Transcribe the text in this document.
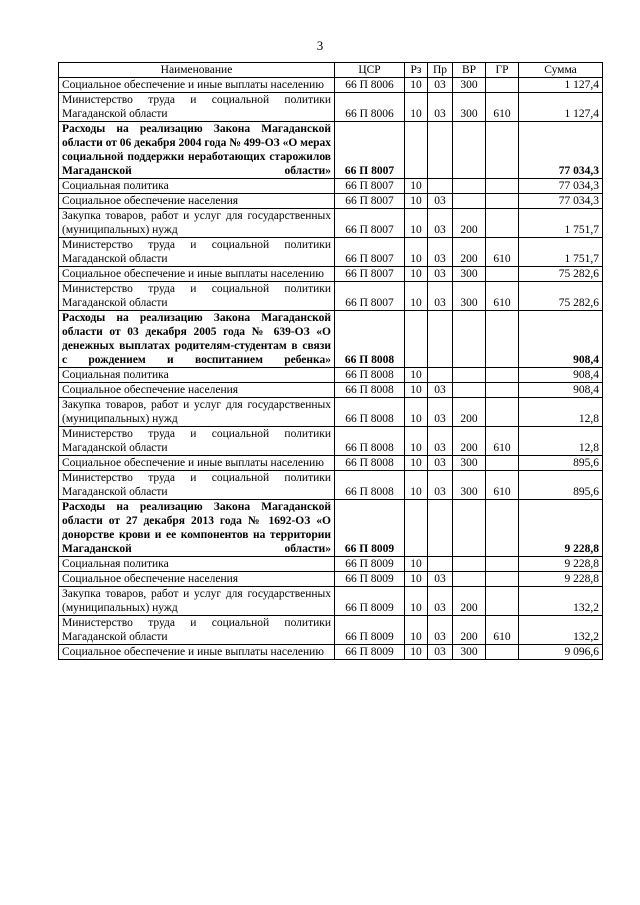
3
Наименование	ЦСР	Рз	Пр	ВР	ГР	Сумма
Социальное обеспечение и иные выплаты населению	66 П 8006	10	03	300		1 127,4
Министерство труда и социальной политики Магаданской области	66 П 8006	10	03	300	610	1 127,4
Расходы на реализацию Закона Магаданской области от 06 декабря 2004 года № 499-ОЗ «О мерах социальной поддержки неработающих старожилов Магаданской области»	66 П 8007					77 034,3
Социальная политика	66 П 8007	10				77 034,3
Социальное обеспечение населения	66 П 8007	10	03			77 034,3
Закупка товаров, работ и услуг для государственных (муниципальных) нужд	66 П 8007	10	03	200		1 751,7
Министерство труда и социальной политики Магаданской области	66 П 8007	10	03	200	610	1 751,7
Социальное обеспечение и иные выплаты населению	66 П 8007	10	03	300		75 282,6
Министерство труда и социальной политики Магаданской области	66 П 8007	10	03	300	610	75 282,6
Расходы на реализацию Закона Магаданской области от 03 декабря 2005 года № 639-ОЗ «О денежных выплатах родителям-студентам в связи с рождением и воспитанием ребенка»	66 П 8008					908,4
Социальная политика	66 П 8008	10				908,4
Социальное обеспечение населения	66 П 8008	10	03			908,4
Закупка товаров, работ и услуг для государственных (муниципальных) нужд	66 П 8008	10	03	200		12,8
Министерство труда и социальной политики Магаданской области	66 П 8008	10	03	200	610	12,8
Социальное обеспечение и иные выплаты населению	66 П 8008	10	03	300		895,6
Министерство труда и социальной политики Магаданской области	66 П 8008	10	03	300	610	895,6
Расходы на реализацию Закона Магаданской области от 27 декабря 2013 года № 1692-ОЗ «О донорстве крови и ее компонентов на территории Магаданской области»	66 П 8009					9 228,8
Социальная политика	66 П 8009	10				9 228,8
Социальное обеспечение населения	66 П 8009	10	03			9 228,8
Закупка товаров, работ и услуг для государственных (муниципальных) нужд	66 П 8009	10	03	200		132,2
Министерство труда и социальной политики Магаданской области	66 П 8009	10	03	200	610	132,2
Социальное обеспечение и иные выплаты населению	66 П 8009	10	03	300		9 096,6
